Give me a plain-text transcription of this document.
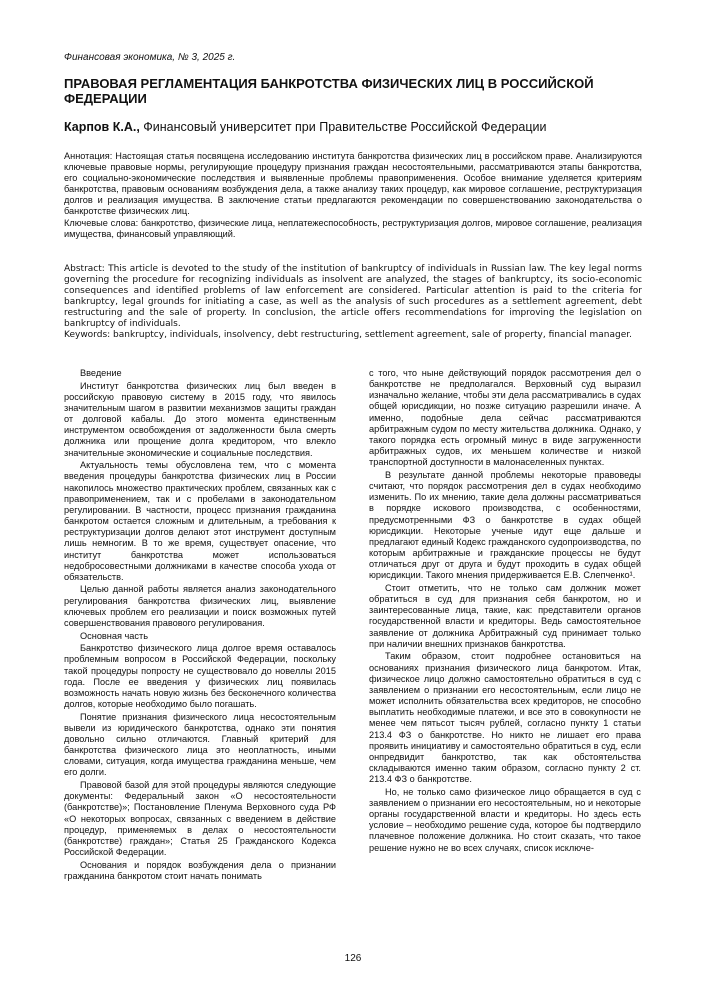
Финансовая экономика, № 3, 2025 г.
ПРАВОВАЯ РЕГЛАМЕНТАЦИЯ БАНКРОТСТВА ФИЗИЧЕСКИХ ЛИЦ В РОССИЙСКОЙ ФЕДЕРАЦИИ
Карпов К.А., Финансовый университет при Правительстве Российской Федерации

Аннотация: Настоящая статья посвящена исследованию института банкротства физических лиц в российском праве. Анализируются ключевые правовые нормы, регулирующие процедуру признания граждан несостоятельными, рассматриваются этапы банкротства, его социально-экономические последствия и выявленные проблемы правоприменения. Особое внимание уделяется критериям банкротства, правовым основаниям возбуждения дела, а также анализу таких процедур, как мировое соглашение, реструктуризация долгов и реализация имущества. В заключение статьи предлагаются рекомендации по совершенствованию законодательства о банкротстве физических лиц.

Ключевые слова: банкротство, физические лица, неплатежеспособность, реструктуризация долгов, мировое соглашение, реализация имущества, финансовый управляющий.

Abstract: This article is devoted to the study of the institution of bankruptcy of individuals in Russian law. The key legal norms governing the procedure for recognizing individuals as insolvent are analyzed, the stages of bankruptcy, its socio-economic consequences and identified problems of law enforcement are considered. Particular attention is paid to the criteria for bankruptcy, legal grounds for initiating a case, as well as the analysis of such procedures as a settlement agreement, debt restructuring and the sale of property. In conclusion, the article offers recommendations for improving the legislation on bankruptcy of individuals.

Keywords: bankruptcy, individuals, insolvency, debt restructuring, settlement agreement, sale of property, financial manager.

Введение

Институт банкротства физических лиц был введен в российскую правовую систему в 2015 году, что явилось значительным шагом в развитии механизмов защиты граждан от долговой кабалы. До этого момента единственным инструментом освобождения от задолженности была смерть должника или прощение долга кредитором, что влекло значительные экономические и социальные последствия.

Актуальность темы обусловлена тем, что с момента введения процедуры банкротства физических лиц в России накопилось множество практических проблем, связанных как с правоприменением, так и с пробелами в законодательном регулировании. В частности, процесс признания гражданина банкротом остается сложным и длительным, а требования к реструктуризации долгов делают этот инструмент доступным лишь немногим. В то же время, существует опасение, что институт банкротства может использоваться недобросовестными должниками в качестве способа ухода от обязательств.

Целью данной работы является анализ законодательного регулирования банкротства физических лиц, выявление ключевых проблем его реализации и поиск возможных путей совершенствования правового регулирования.

Основная часть

Банкротство физического лица долгое время оставалось проблемным вопросом в Российской Федерации, поскольку такой процедуры попросту не существовало до новеллы 2015 года. После ее введения у физических лиц появилась возможность начать новую жизнь без бесконечного количества долгов, которые необходимо было погашать.

Понятие признания физического лица несостоятельным вывели из юридического банкротства, однако эти понятия довольно сильно отличаются. Главный критерий для банкротства физического лица это неоплатность, иными словами, ситуация, когда имущества гражданина меньше, чем его долги.

Правовой базой для этой процедуры являются следующие документы: Федеральный закон «О несостоятельности (банкротстве)»; Постановление Пленума Верховного суда РФ «О некоторых вопросах, связанных с введением в действие процедур, применяемых в делах о несостоятельности (банкротстве) граждан»; Статья 25 Гражданского Кодекса Российской Федерации.

Основания и порядок возбуждения дела о признании гражданина банкротом стоит начать понимать

с того, что ныне действующий порядок рассмотрения дел о банкротстве не предполагался. Верховный суд выразил изначально желание, чтобы эти дела рассматривались в судах общей юрисдикции, но позже ситуацию разрешили иначе. А именно, подобные дела сейчас рассматриваются арбитражным судом по месту жительства должника. Однако, у такого порядка есть огромный минус в виде загруженности арбитражных судов, их меньшем количестве и низкой транспортной доступности в малонаселенных пунктах.

В результате данной проблемы некоторые правоведы считают, что порядок рассмотрения дел в судах необходимо изменить. По их мнению, такие дела должны рассматриваться в порядке искового производства, с особенностями, предусмотренными ФЗ о банкротстве в судах общей юрисдикции. Некоторые ученые идут еще дальше и предлагают единый Кодекс гражданского судопроизводства, по которым арбитражные и гражданские процессы не будут отличаться друг от друга и будут проходить в судах общей юрисдикции. Такого мнения придерживается Е.В. Слепченко¹.

Стоит отметить, что не только сам должник может обратиться в суд для признания себя банкротом, но и заинтересованные лица, такие, как: представители органов государственной власти и кредиторы. Ведь самостоятельное заявление от должника Арбитражный суд принимает только при наличии внешних признаков банкротства.

Таким образом, стоит подробнее остановиться на основаниях признания физического лица банкротом. Итак, физическое лицо должно самостоятельно обратиться в суд с заявлением о признании его несостоятельным, если лицо не может исполнить обязательства всех кредиторов, не способно выплатить необходимые платежи, и все это в совокупности не менее чем пятьсот тысяч рублей, согласно пункту 1 статьи 213.4 ФЗ о банкротстве. Но никто не лишает его права проявить инициативу и самостоятельно обратиться в суд, если онпредвидит банкротство, так как обстоятельства складываются именно таким образом, согласно пункту 2 ст. 213.4 ФЗ о банкротстве.

Но, не только само физическое лицо обращается в суд с заявлением о признании его несостоятельным, но и некоторые органы государственной власти и кредиторы. Но здесь есть условие – необходимо решение суда, которое бы подтвердило плачевное положение должника. Но стоит сказать, что такое решение нужно не во всех случаях, список исключе-

126
